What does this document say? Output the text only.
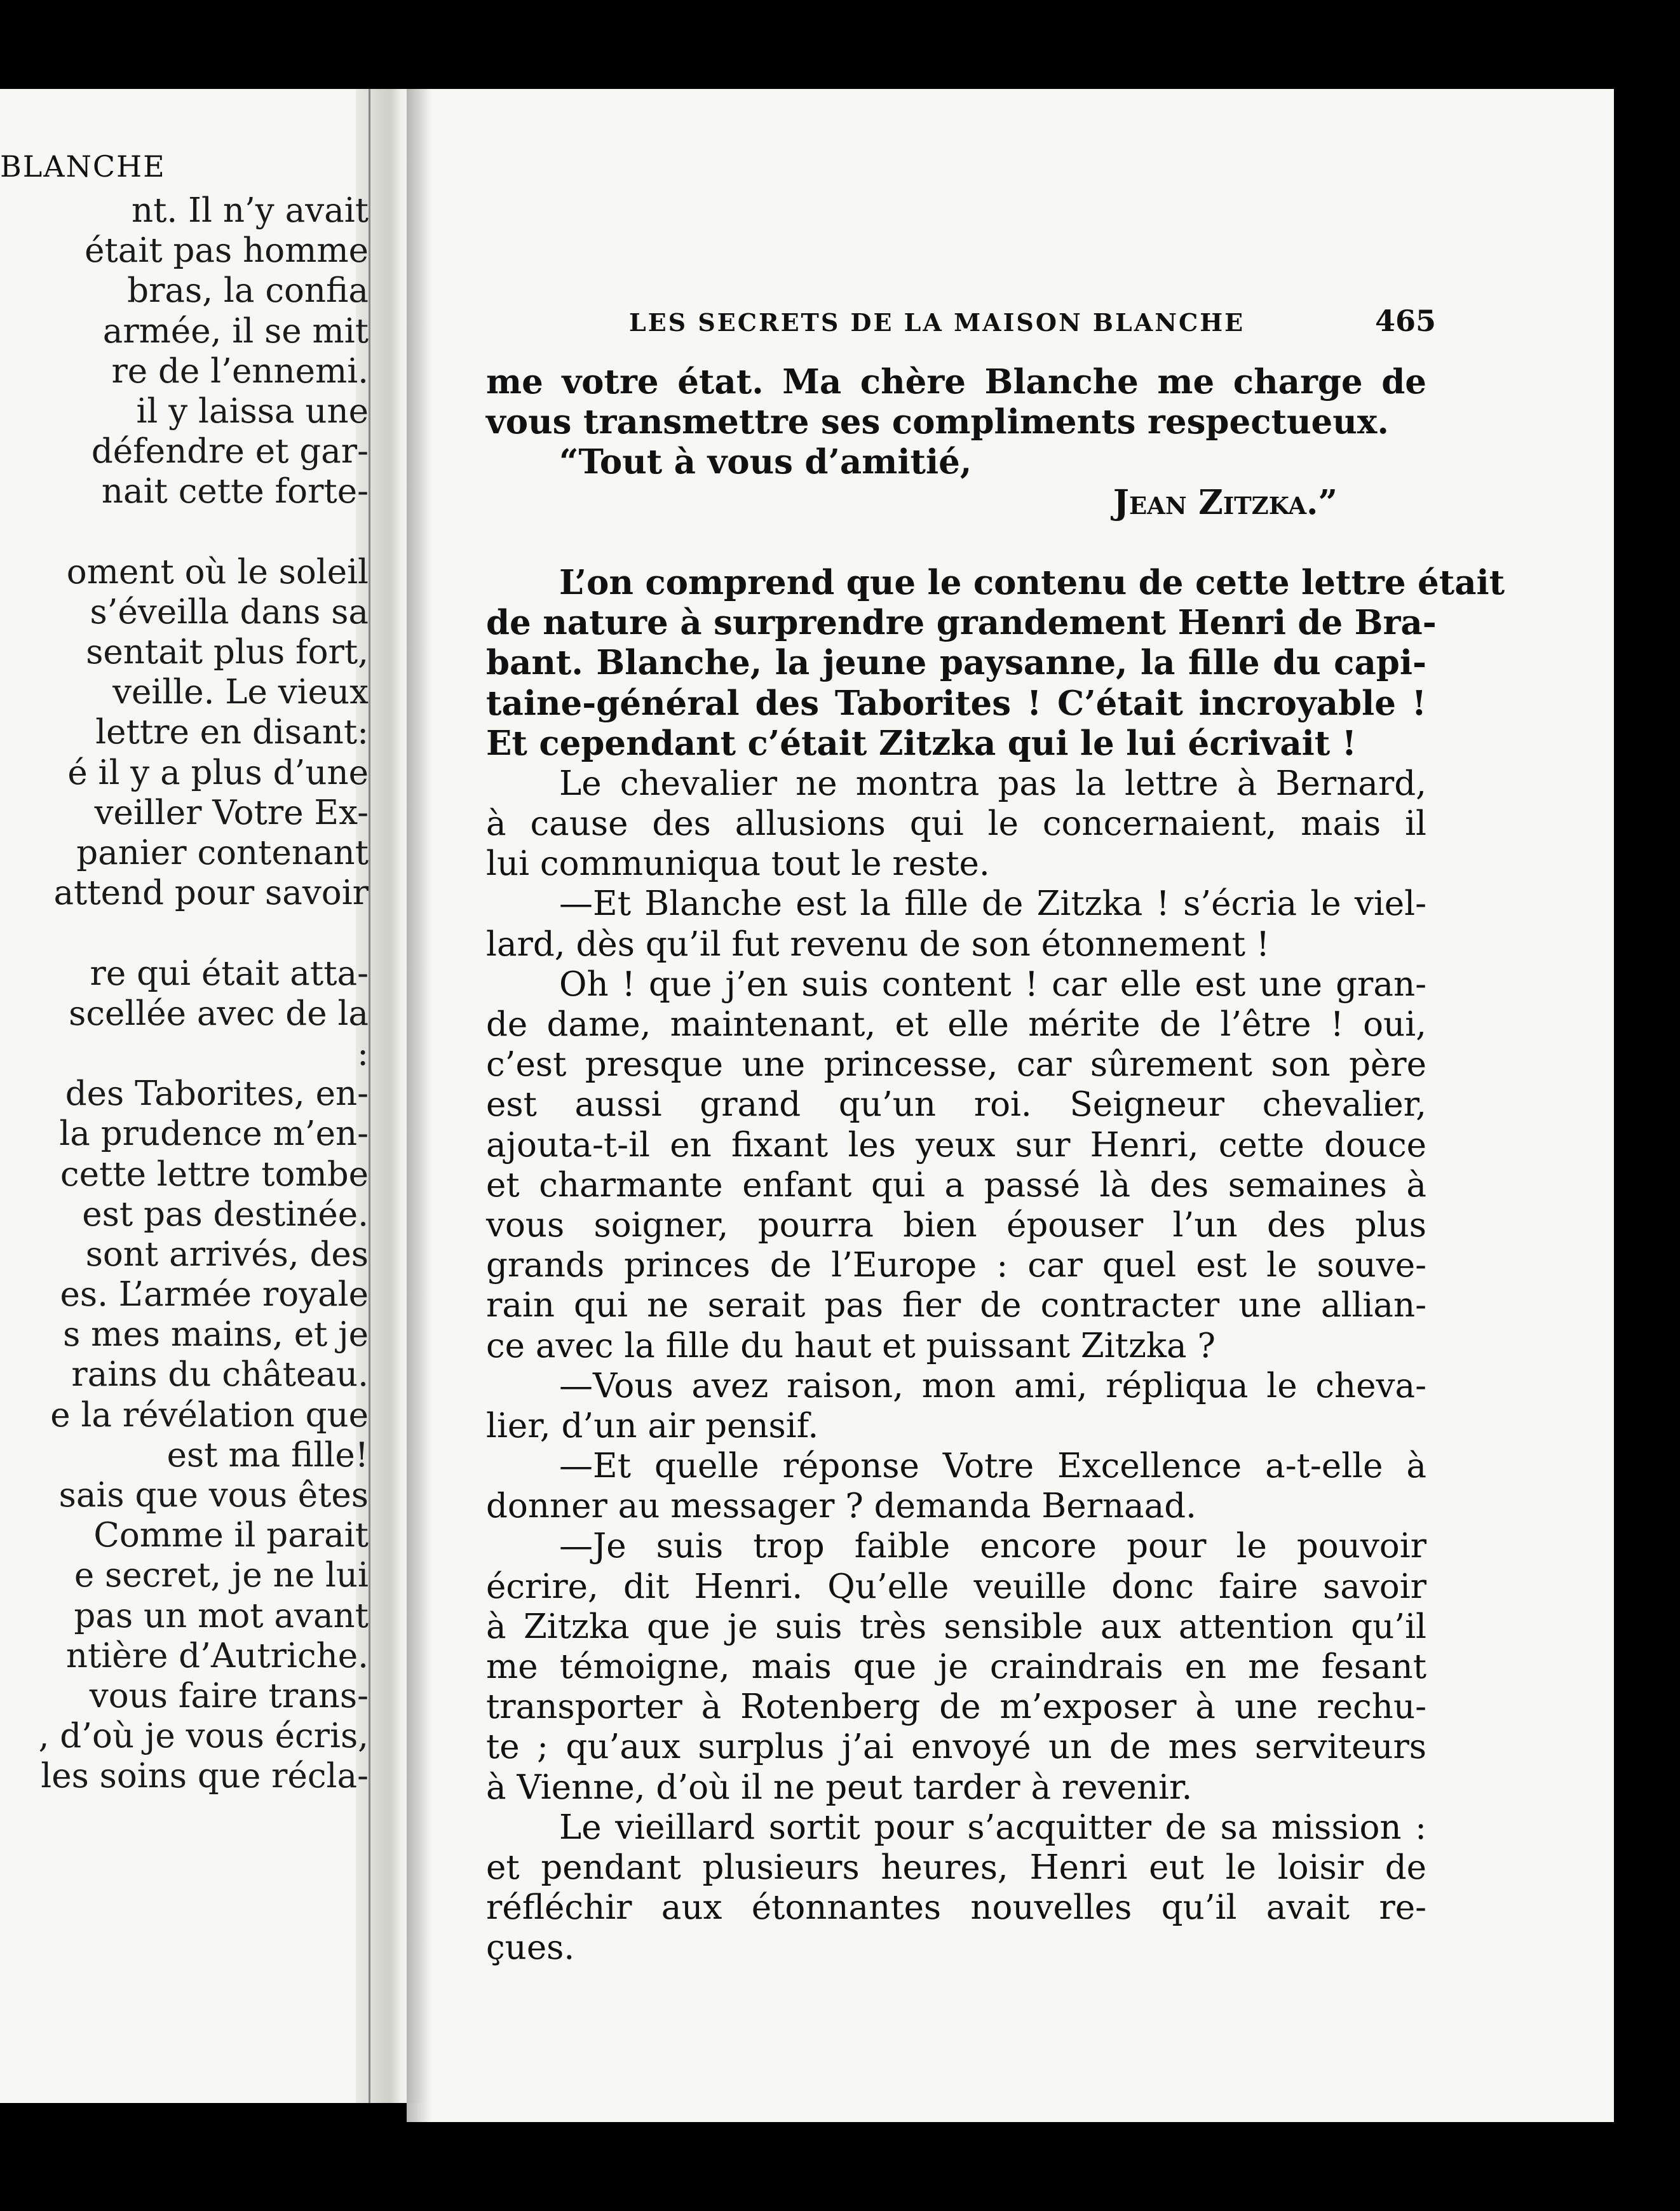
BLANCHE
nt. Il n’y avait
était pas homme
bras, la confia
armée, il se mit
re de l’ennemi.
il y laissa une
défendre et gar-
nait cette forte-
oment où le soleil
s’éveilla dans sa
sentait plus fort,
veille. Le vieux
lettre en disant:
é il y a plus d’une
veiller Votre Ex-
panier contenant
attend pour savoir
re qui était atta-
scellée avec de la
:
des Taborites, en-
la prudence m’en-
cette lettre tombe
est pas destinée.
sont arrivés, des
es. L’armée royale
s mes mains, et je
rains du château.
e la révélation que
est ma fille!
sais que vous êtes
Comme il parait
e secret, je ne lui
pas un mot avant
ntière d’Autriche.
vous faire trans-
, d’où je vous écris,
les soins que récla-
LES SECRETS DE LA MAISON BLANCHE	465
me votre état. Ma chère Blanche me charge de
vous transmettre ses compliments respectueux.
“Tout à vous d’amitié,
Jean Zitzka.”
L’on comprend que le contenu de cette lettre était
de nature à surprendre grandement Henri de Bra-
bant. Blanche, la jeune paysanne, la fille du capi-
taine-général des Taborites ! C’était incroyable !
Et cependant c’était Zitzka qui le lui écrivait !
Le chevalier ne montra pas la lettre à Bernard,
à cause des allusions qui le concernaient, mais il
lui communiqua tout le reste.
—Et Blanche est la fille de Zitzka ! s’écria le viel-
lard, dès qu’il fut revenu de son étonnement !
Oh ! que j’en suis content ! car elle est une gran-
de dame, maintenant, et elle mérite de l’être ! oui,
c’est presque une princesse, car sûrement son père
est aussi grand qu’un roi. Seigneur chevalier,
ajouta-t-il en fixant les yeux sur Henri, cette douce
et charmante enfant qui a passé là des semaines à
vous soigner, pourra bien épouser l’un des plus
grands princes de l’Europe : car quel est le souve-
rain qui ne serait pas fier de contracter une allian-
ce avec la fille du haut et puissant Zitzka ?
—Vous avez raison, mon ami, répliqua le cheva-
lier, d’un air pensif.
—Et quelle réponse Votre Excellence a-t-elle à
donner au messager ? demanda Bernaad.
—Je suis trop faible encore pour le pouvoir
écrire, dit Henri. Qu’elle veuille donc faire savoir
à Zitzka que je suis très sensible aux attention qu’il
me témoigne, mais que je craindrais en me fesant
transporter à Rotenberg de m’exposer à une rechu-
te ; qu’aux surplus j’ai envoyé un de mes serviteurs
à Vienne, d’où il ne peut tarder à revenir.
Le vieillard sortit pour s’acquitter de sa mission :
et pendant plusieurs heures, Henri eut le loisir de
réfléchir aux étonnantes nouvelles qu’il avait re-
çues.
